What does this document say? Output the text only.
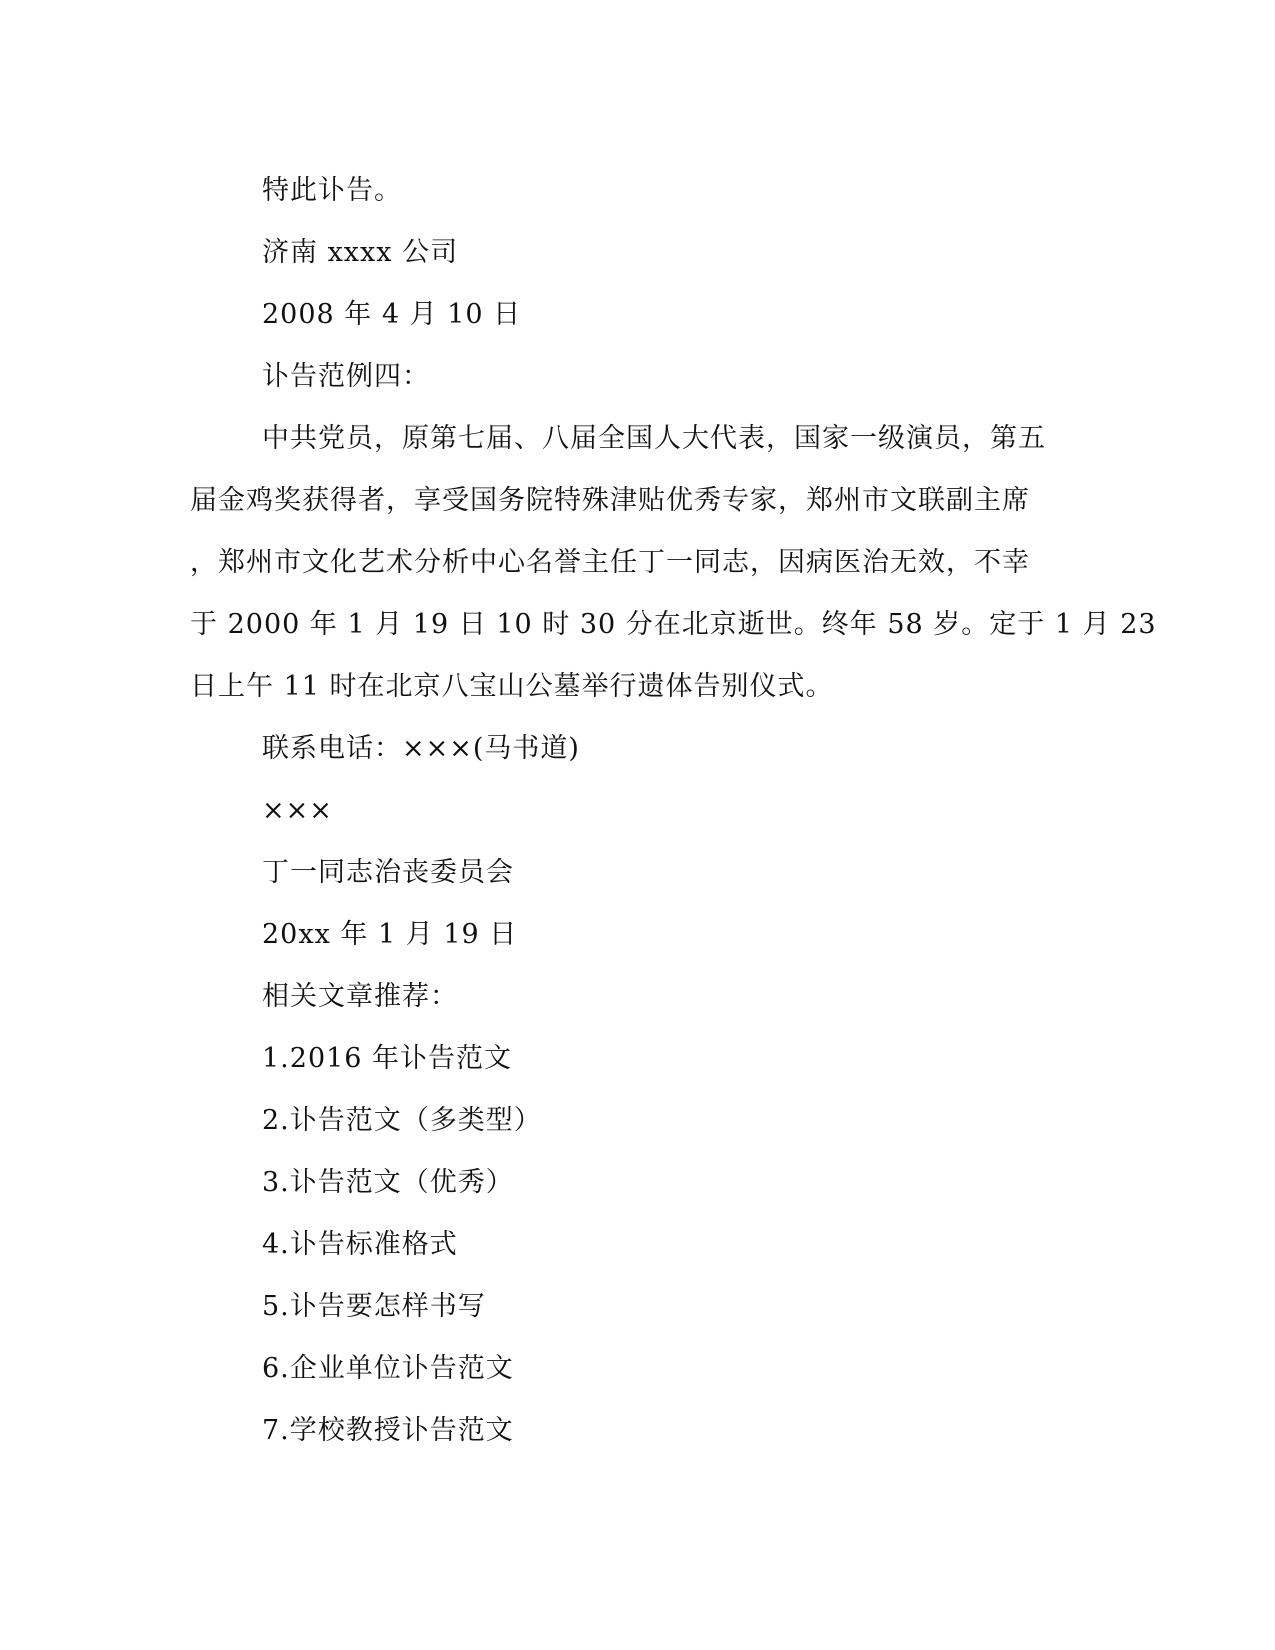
特此讣告。
济南 xxxx 公司
2008 年 4 月 10 日
讣告范例四：
中共党员，原第七届、八届全国人大代表，国家一级演员，第五
届金鸡奖获得者，享受国务院特殊津贴优秀专家，郑州市文联副主席
，郑州市文化艺术分析中心名誉主任丁一同志，因病医治无效，不幸
于 2000 年 1 月 19 日 10 时 30 分在北京逝世。终年 58 岁。定于 1 月 23
日上午 11 时在北京八宝山公墓举行遗体告别仪式。
联系电话：×××(马书道)
×××
丁一同志治丧委员会
20xx 年 1 月 19 日
相关文章推荐：
1.2016 年讣告范文
2.讣告范文（多类型）
3.讣告范文（优秀）
4.讣告标准格式
5.讣告要怎样书写
6.企业单位讣告范文
7.学校教授讣告范文
